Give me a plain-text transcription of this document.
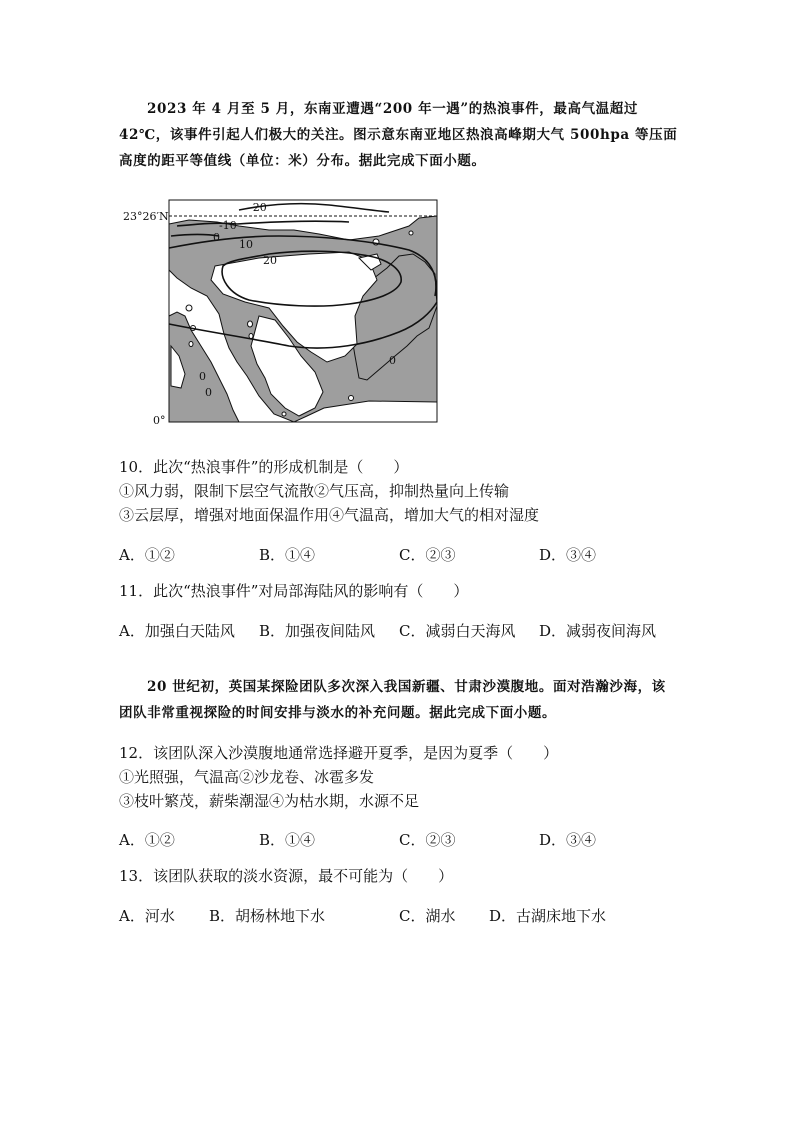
2023 年 4 月至 5 月，东南亚遭遇“200 年一遇”的热浪事件，最高气温超过 42℃，该事件引起人们极大的关注。图示意东南亚地区热浪高峰期大气 500hpa 等压面高度的距平等值线（单位：米）分布。据此完成下面小题。
-20
-10
0
10
20
0
0
0
23°26′N
0°
10．此次“热浪事件”的形成机制是（　　）
①风力弱，限制下层空气流散②气压高，抑制热量向上传输
③云层厚，增强对地面保温作用④气温高，增加大气的相对湿度
A．①②	B．①④	C．②③	D．③④
11．此次“热浪事件”对局部海陆风的影响有（　　）
A．加强白天陆风 B．加强夜间陆风 C．减弱白天海风 D．减弱夜间海风
20 世纪初，英国某探险团队多次深入我国新疆、甘肃沙漠腹地。面对浩瀚沙海，该团队非常重视探险的时间安排与淡水的补充问题。据此完成下面小题。
12．该团队深入沙漠腹地通常选择避开夏季，是因为夏季（　　）
①光照强，气温高②沙龙卷、冰雹多发
③枝叶繁茂，薪柴潮湿④为枯水期，水源不足
A．①②	B．①④	C．②③	D．③④
13．该团队获取的淡水资源，最不可能为（　　）
A．河水 B．胡杨林地下水	C．湖水 D．古湖床地下水
